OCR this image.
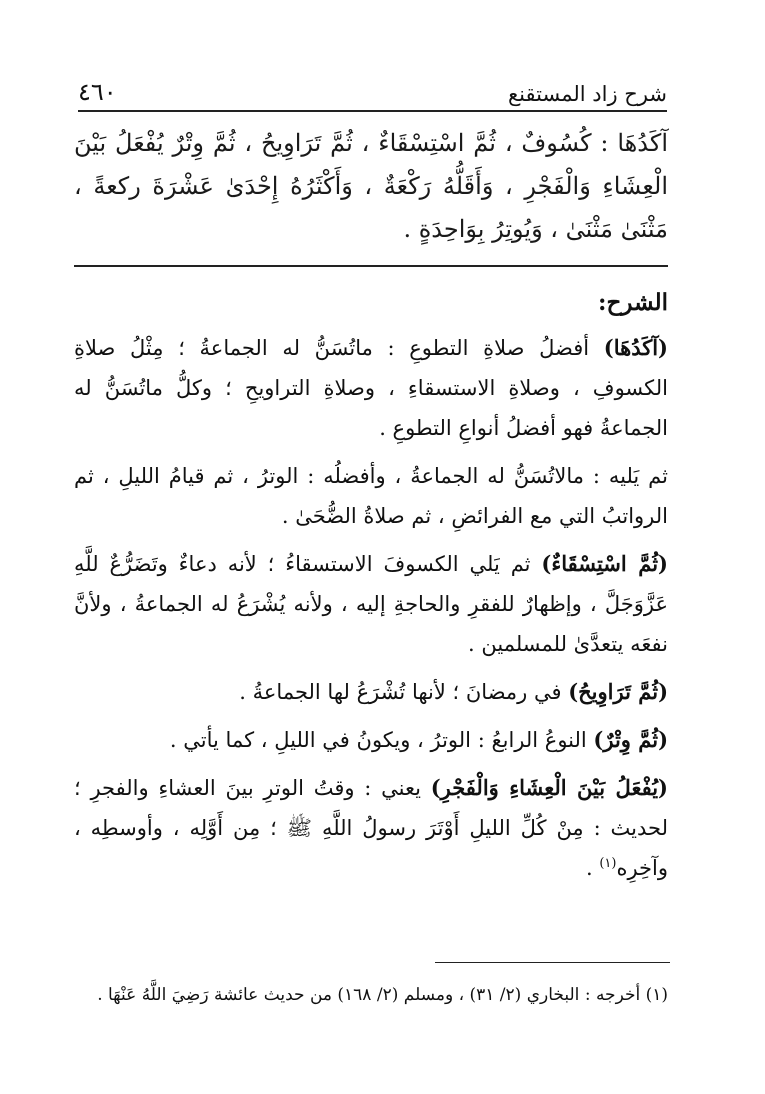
٤٦٠	شرح زاد المستقنع

آكَدُهَا : كُسُوفٌ ، ثُمَّ اسْتِسْقَاءٌ ، ثُمَّ تَرَاوِيحُ ، ثُمَّ وِتْرٌ يُفْعَلُ بَيْنَ الْعِشَاءِ وَالْفَجْرِ ، وَأَقَلُّهُ رَكْعَةٌ ، وَأَكْثَرُهُ إِحْدَىٰ عَشْرَةَ ركعةً ، مَثْنَىٰ مَثْنَىٰ ، وَيُوتِرُ بِوَاحِدَةٍ .

الشرح:

(آكَدُهَا) أفضلُ صلاةِ التطوعِ : ماتُسَنُّ له الجماعةُ ؛ مِثْلُ صلاةِ الكسوفِ ، وصلاةِ الاستسقاءِ ، وصلاةِ التراويحِ ؛ وكلُّ ماتُسَنُّ له الجماعةُ فهو أفضلُ أنواعِ التطوعِ .

ثم يَليه : مالاتُسَنُّ له الجماعةُ ، وأفضلُه : الوترُ ، ثم قيامُ الليلِ ، ثم الرواتبُ التي مع الفرائضِ ، ثم صلاةُ الضُّحَىٰ .

(ثُمَّ اسْتِسْقَاءٌ) ثم يَلي الكسوفَ الاستسقاءُ ؛ لأنه دعاءٌ وتَضَرُّعٌ للَّهِ عَزَّوَجَلَّ ، وإظهارٌ للفقرِ والحاجةِ إليه ، ولأنه يُشْرَعُ له الجماعةُ ، ولأنَّ نفعَه يتعدَّىٰ للمسلمين .

(ثُمَّ تَرَاوِيحُ) في رمضانَ ؛ لأنها تُشْرَعُ لها الجماعةُ .

(ثُمَّ وِتْرٌ) النوعُ الرابعُ : الوترُ ، ويكونُ في الليلِ ، كما يأتي .

(يُفْعَلُ بَيْنَ الْعِشَاءِ وَالْفَجْرِ) يعني : وقتُ الوترِ بينَ العشاءِ والفجرِ ؛ لحديث : مِنْ كُلِّ الليلِ أَوْتَرَ رسولُ اللَّهِ ﷺ ؛ مِن أَوَّلِه ، وأوسطِه ، وآخِرِه$^{(١)}$ .

(١) أخرجه : البخاري (٢/ ٣١) ، ومسلم (٢/ ١٦٨) من حديث عائشة رَضِيَ اللَّهُ عَنْهَا .
